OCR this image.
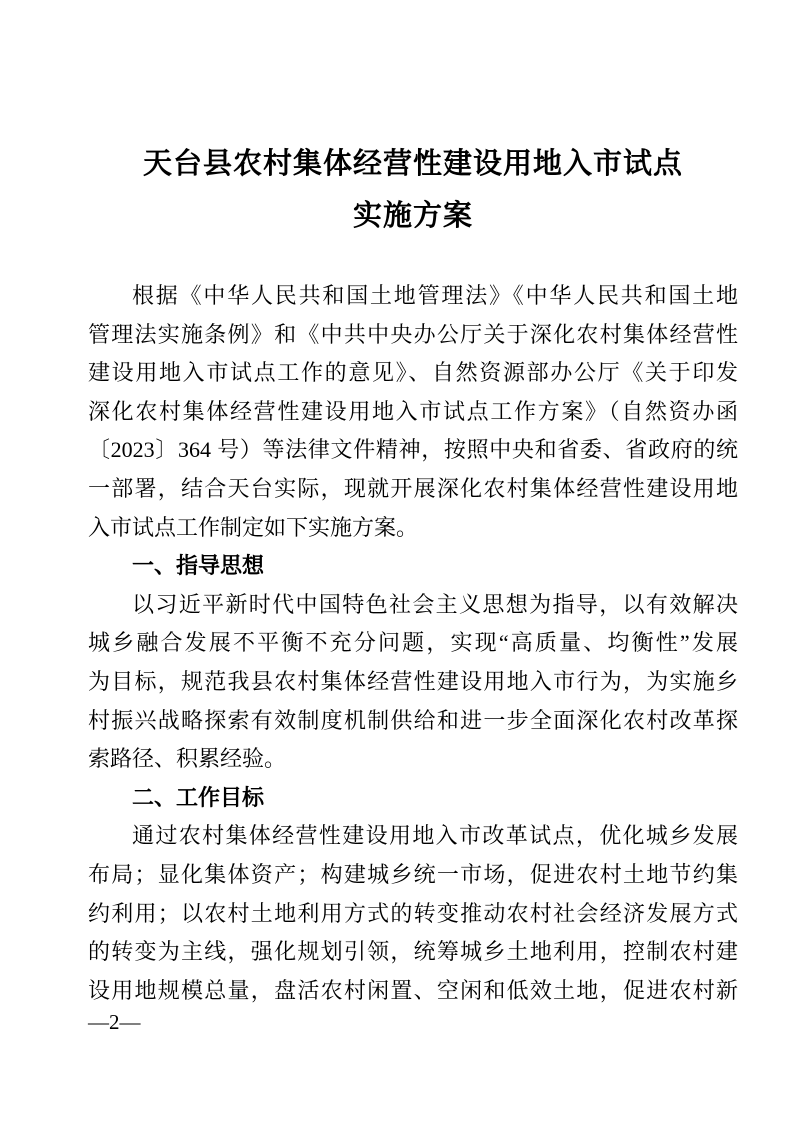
天台县农村集体经营性建设用地入市试点
实施方案
根据《中华人民共和国土地管理法》《中华人民共和国土地
管理法实施条例》和《中共中央办公厅关于深化农村集体经营性
建设用地入市试点工作的意见》、自然资源部办公厅《关于印发
深化农村集体经营性建设用地入市试点工作方案》（自然资办函
〔2023〕364 号）等法律文件精神，按照中央和省委、省政府的统
一部署，结合天台实际，现就开展深化农村集体经营性建设用地
入市试点工作制定如下实施方案。
一、指导思想
以习近平新时代中国特色社会主义思想为指导，以有效解决
城乡融合发展不平衡不充分问题，实现“高质量、均衡性”发展
为目标，规范我县农村集体经营性建设用地入市行为，为实施乡
村振兴战略探索有效制度机制供给和进一步全面深化农村改革探
索路径、积累经验。
二、工作目标
通过农村集体经营性建设用地入市改革试点，优化城乡发展
布局；显化集体资产；构建城乡统一市场，促进农村土地节约集
约利用；以农村土地利用方式的转变推动农村社会经济发展方式
的转变为主线，强化规划引领，统筹城乡土地利用，控制农村建
设用地规模总量，盘活农村闲置、空闲和低效土地，促进农村新
—2—
